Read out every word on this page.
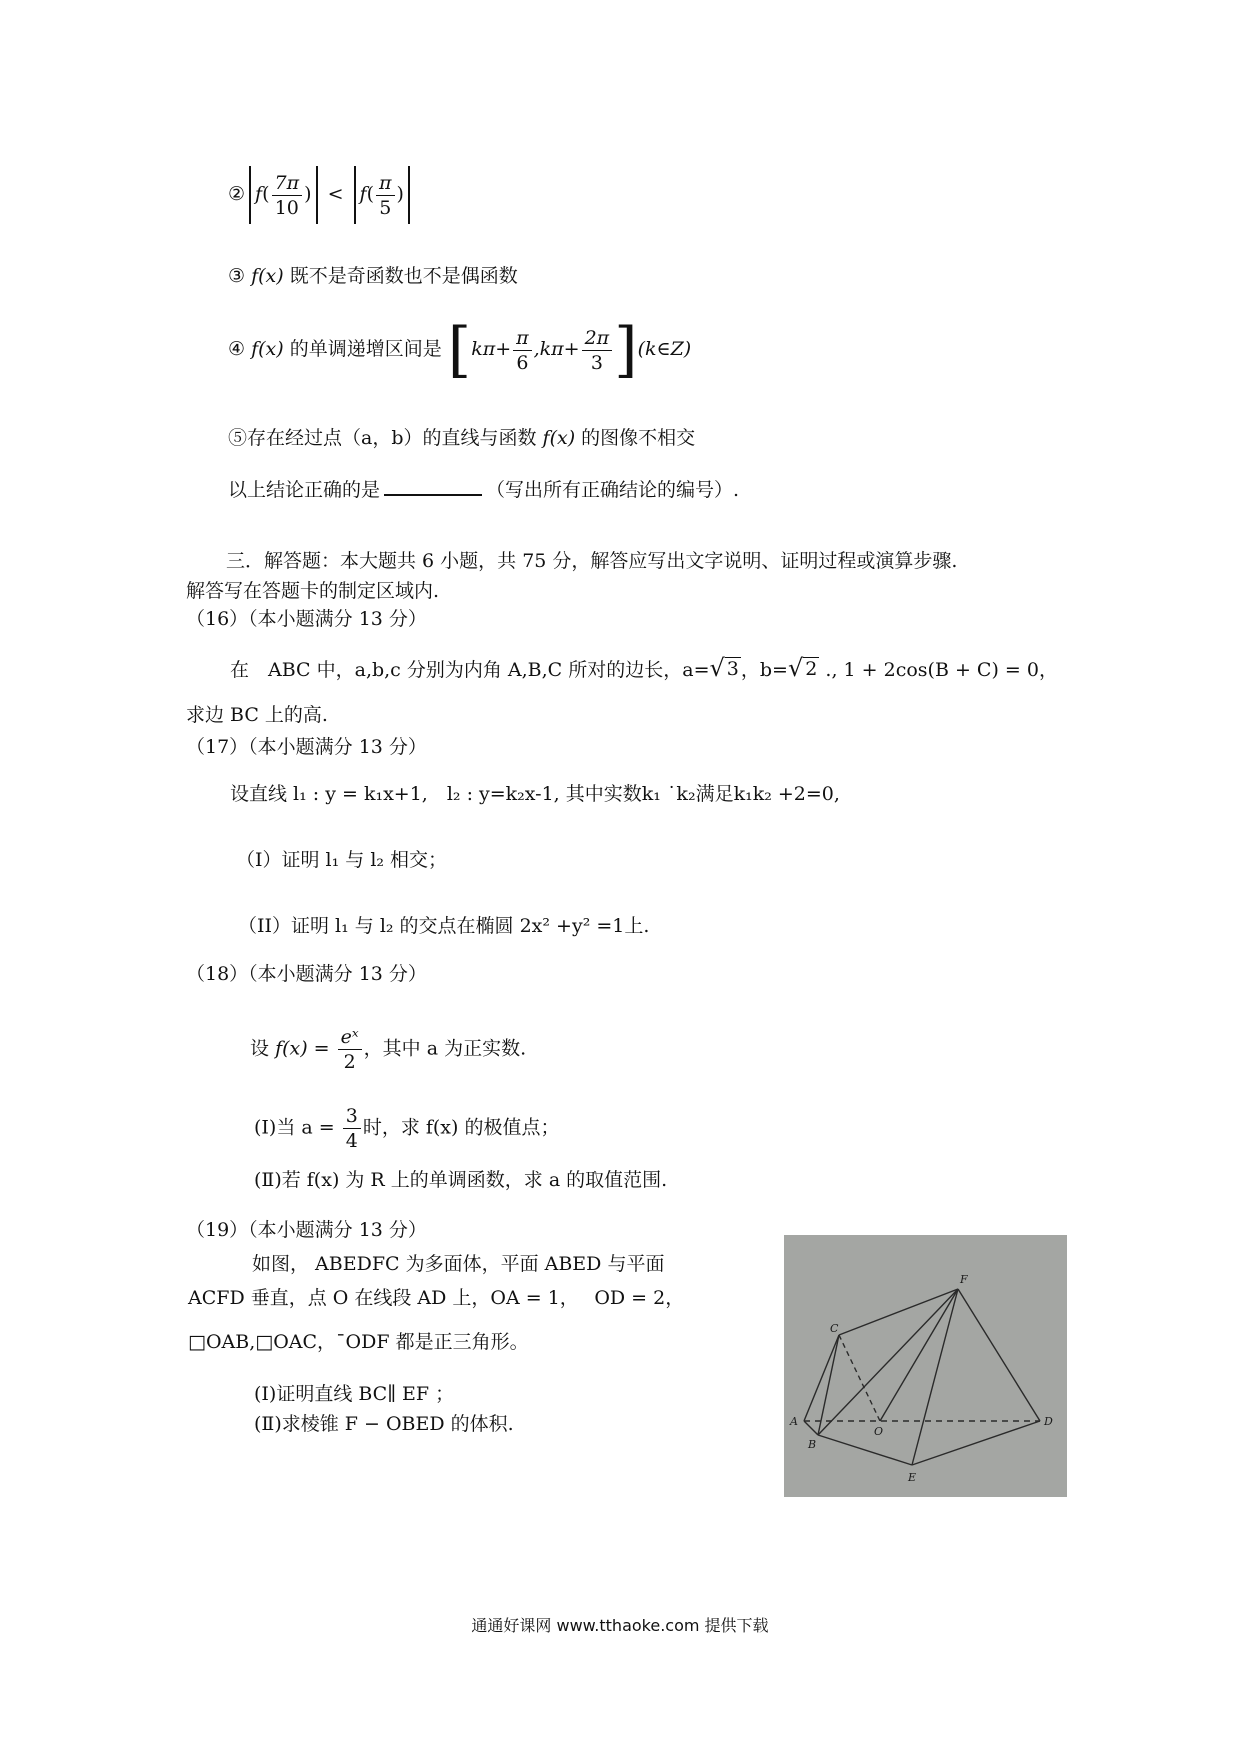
② $f( \frac{7\pi}{10}$ ) < $f( \frac{\pi}{5}$ )
③ f(x) 既不是奇函数也不是偶函数
④ f(x) 的单调递增区间是 [$k\pi+ \frac{\pi}{6} ,k\pi+ \frac{2\pi}{3}$ ](k∈Z)
⑤存在经过点（a，b）的直线与函数 f(x) 的图像不相交
以上结论正确的是	（写出所有正确结论的编号）.
三．解答题：本大题共 6 小题，共 75 分，解答应写出文字说明、证明过程或演算步骤.
解答写在答题卡的制定区域内.
（16）（本小题满分 13 分）
在　ABC 中，a,b,c 分别为内角 A,B,C 所对的边长，a= √ 3 ，b= √ 2 ., 1 + 2cos(B + C) = 0，
求边 BC 上的高.
（17）（本小题满分 13 分）
设直线 l₁ : y = k₁x+1,　l₂ : y=k₂x-1, 其中实数k₁ ˙k₂满足k₁k₂ +2=0,
（I）证明 l₁ 与 l₂ 相交；
（II）证明 l₁ 与 l₂ 的交点在椭圆 2x² +y² =1上.
（18）（本小题满分 13 分）
设 $f(x) = \frac{\text{eˣ}}{2}$ ，其中 a 为正实数.
(Ⅰ)当 $a = \frac{3}{4}$ 时，求 f(x) 的极值点；
(Ⅱ)若 f(x) 为 R 上的单调函数，求 a 的取值范围.
（19）（本小题满分 13 分）
如图， ABEDFC 为多面体，平面 ABED 与平面
ACFD 垂直，点 O 在线段 AD 上，OA = 1，　 OD = 2，
□OAB,□OAC，¯ODF 都是正三角形。
(Ⅰ)证明直线 BC∥ EF ；
(Ⅱ)求棱锥 F − OBED 的体积.
F
C
A
O
B
E
D
通通好课网 www.tthaoke.com 提供下载
